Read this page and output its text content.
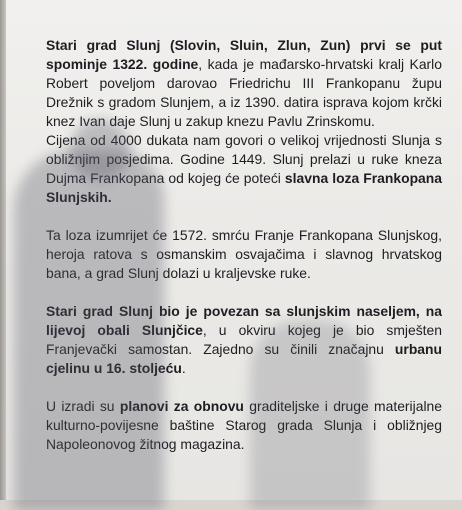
Stari grad Slunj (Slovin, Sluin, Zlun, Zun) prvi se put spominje 1322. godine, kada je mađarsko-hrvatski kralj Karlo Robert poveljom darovao Friedrichu III Frankopanu župu Drežnik s gradom Slunjem, a iz 1390. datira isprava kojom krčki knez Ivan daje Slunj u zakup knezu Pavlu Zrinskomu.
Cijena od 4000 dukata nam govori o velikoj vrijednosti Slunja s obližnjim posjedima. Godine 1449. Slunj prelazi u ruke kneza Dujma Frankopana od kojeg će poteći slavna loza Frankopana Slunjskih.

Ta loza izumrijet će 1572. smrću Franje Frankopana Slunjskog, heroja ratova s osmanskim osvajačima i slavnog hrvatskog bana, a grad Slunj dolazi u kraljevske ruke.

Stari grad Slunj bio je povezan sa slunjskim naseljem, na lijevoj obali Slunjčice, u okviru kojeg je bio smješten Franjevački samostan. Zajedno su činili značajnu urbanu cjelinu u 16. stoljeću.

U izradi su planovi za obnovu graditeljske i druge materijalne kulturno-povijesne baštine Starog grada Slunja i obližnjeg Napoleonovog žitnog magazina.
